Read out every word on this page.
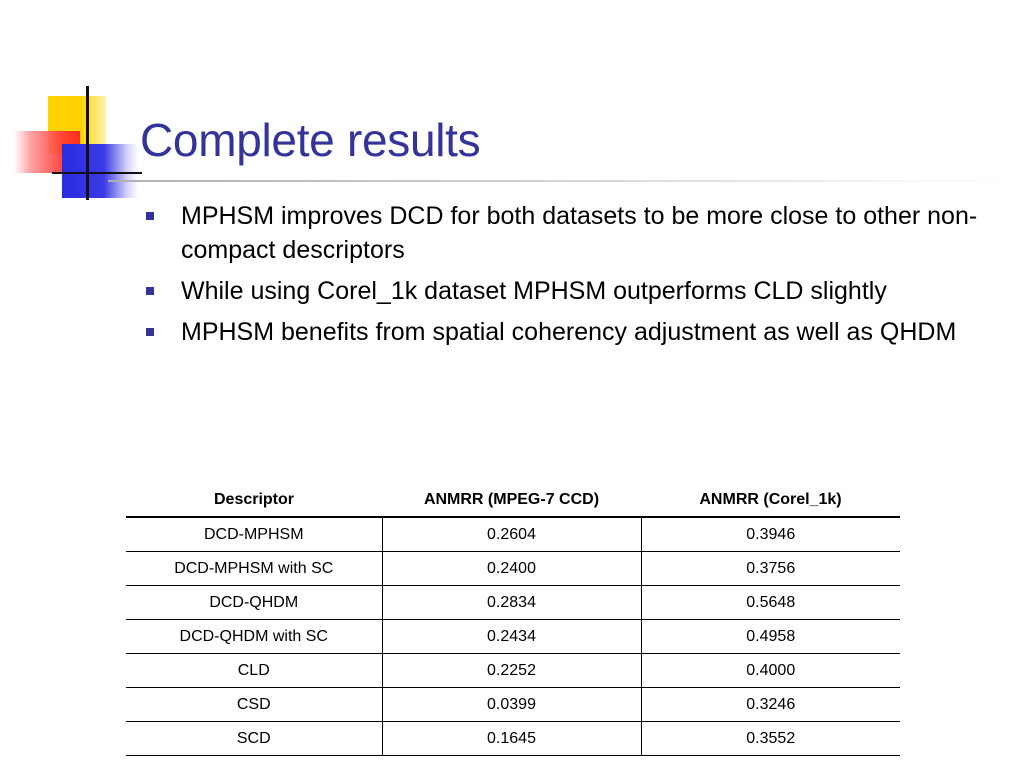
Complete results
MPHSM improves DCD for both datasets to be more close to other non-compact descriptors
While using Corel_1k dataset MPHSM outperforms CLD slightly
MPHSM benefits from spatial coherency adjustment as well as QHDM
Descriptor	ANMRR (MPEG-7 CCD)	ANMRR (Corel_1k)
DCD-MPHSM	0.2604	0.3946
DCD-MPHSM with SC	0.2400	0.3756
DCD-QHDM	0.2834	0.5648
DCD-QHDM with SC	0.2434	0.4958
CLD	0.2252	0.4000
CSD	0.0399	0.3246
SCD	0.1645	0.3552
